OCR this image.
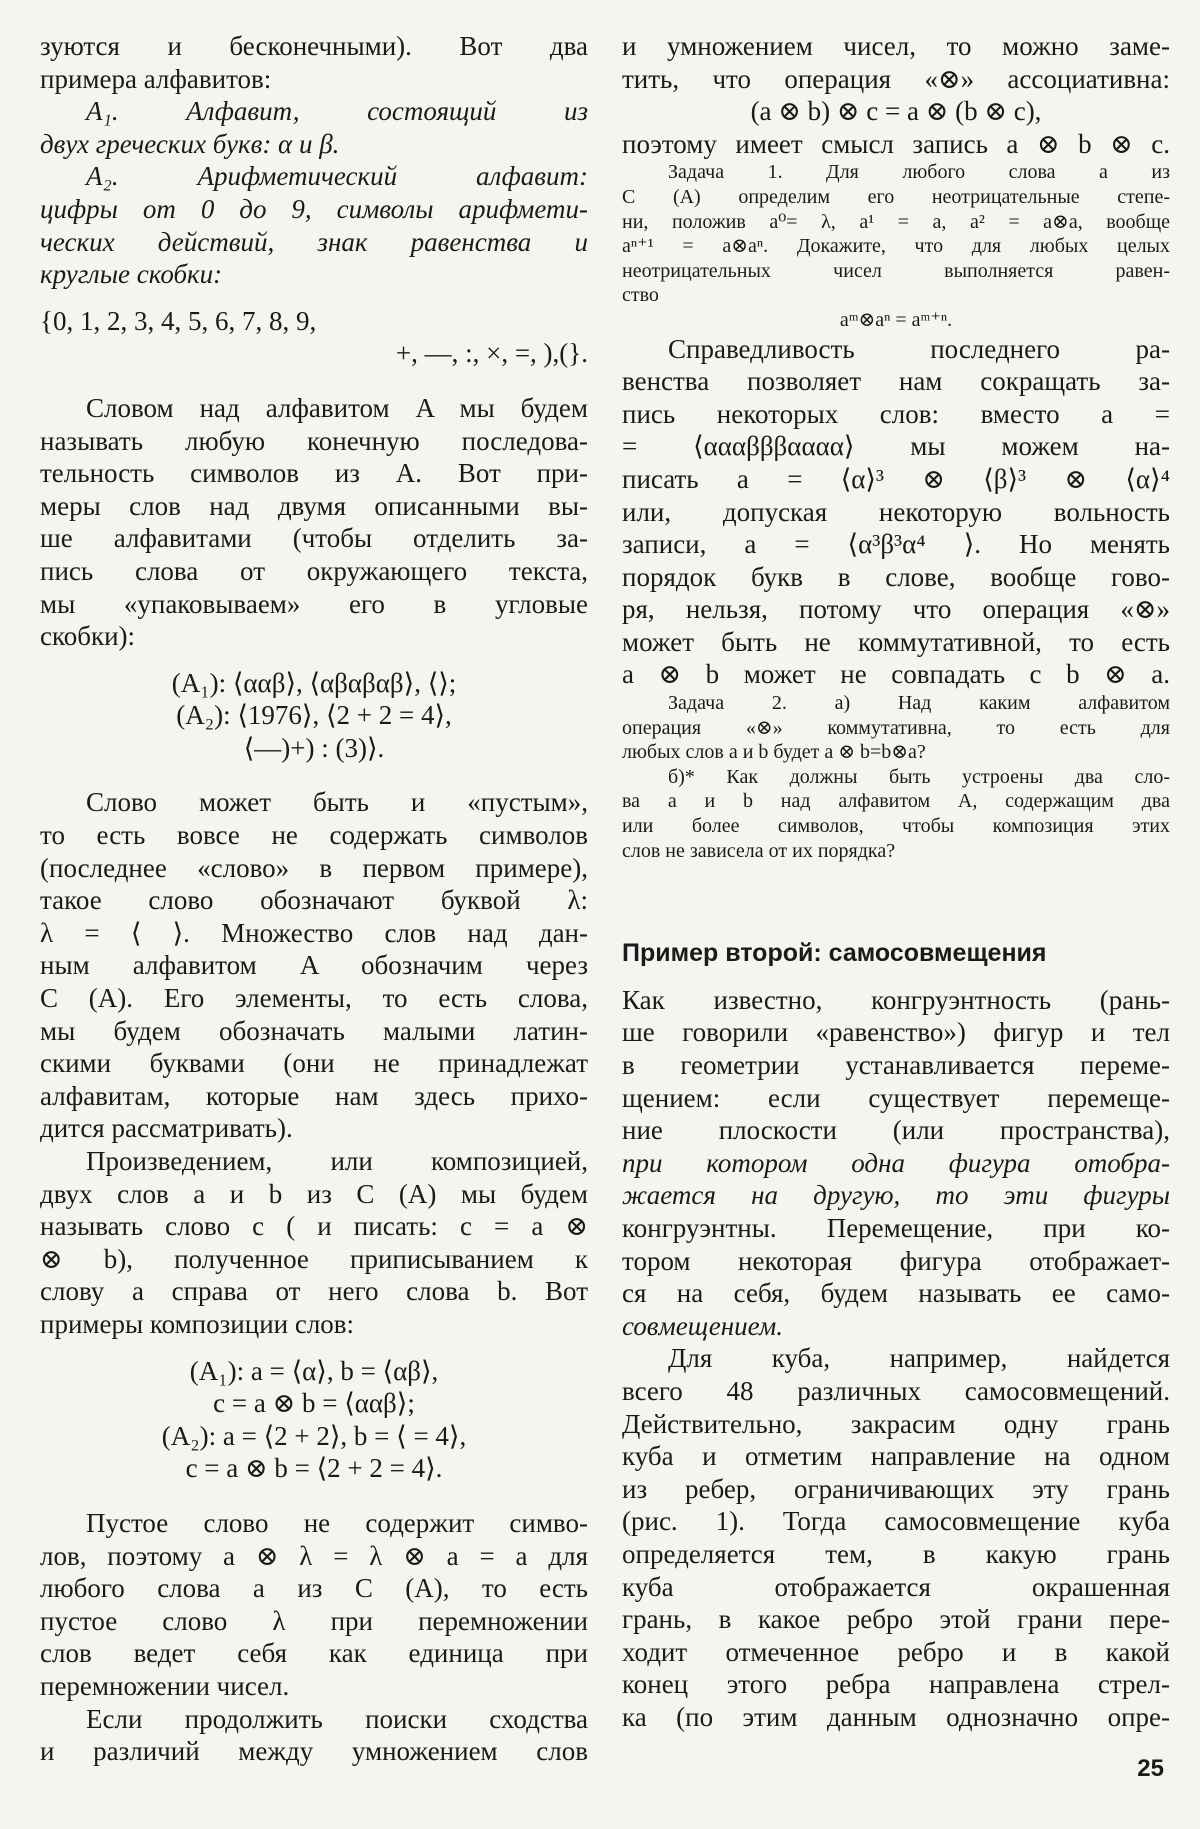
зуются и бесконечными). Вот два
примера алфавитов:
A₁. Алфавит, состоящий из
двух греческих букв: α и β.
A₂. Арифметический алфавит:
цифры от 0 до 9, символы арифмети-
ческих действий, знак равенства и
круглые скобки:
{0, 1, 2, 3, 4, 5, 6, 7, 8, 9,
+, —, :, ×, =, ),(}.
Словом над алфавитом A мы будем
называть любую конечную последова-
тельность символов из A. Вот при-
меры слов над двумя описанными вы-
ше алфавитами (чтобы отделить за-
пись слова от окружающего текста,
мы «упаковываем» его в угловые
скобки):
(A₁): ⟨ααβ⟩, ⟨αβαβαβ⟩, ⟨⟩;
(A₂): ⟨1976⟩, ⟨2 + 2 = 4⟩,
⟨—)+) : (3)⟩.
Слово может быть и «пустым»,
то есть вовсе не содержать символов
(последнее «слово» в первом примере),
такое слово обозначают буквой λ:
λ = ⟨ ⟩. Множество слов над дан-
ным алфавитом A обозначим через
C (A). Его элементы, то есть слова,
мы будем обозначать малыми латин-
скими буквами (они не принадлежат
алфавитам, которые нам здесь прихо-
дится рассматривать).
Произведением, или композицией,
двух слов a и b из C (A) мы будем
называть слово c ( и писать: c = a ⊗
⊗ b), полученное приписыванием к
слову a справа от него слова b. Вот
примеры композиции слов:
(A₁): a = ⟨α⟩, b = ⟨αβ⟩,
c = a ⊗ b = ⟨ααβ⟩;
(A₂): a = ⟨2 + 2⟩, b = ⟨ = 4⟩,
c = a ⊗ b = ⟨2 + 2 = 4⟩.
Пустое слово не содержит симво-
лов, поэтому a ⊗ λ = λ ⊗ a = a для
любого слова a из C (A), то есть
пустое слово λ при перемножении
слов ведет себя как единица при
перемножении чисел.
Если продолжить поиски сходства
и различий между умножением слов
и умножением чисел, то можно заме-
тить, что операция «⊗» ассоциативна:
(a ⊗ b) ⊗ c = a ⊗ (b ⊗ c),
поэтому имеет смысл запись a ⊗ b ⊗ c.
Задача 1. Для любого слова a из
C (A) определим его неотрицательные степе-
ни, положив a⁰= λ, a¹ = a, a² = a⊗a, вообще
aⁿ⁺¹ = a⊗aⁿ. Докажите, что для любых целых
неотрицательных чисел выполняется равен-
ство
aᵐ⊗aⁿ = aᵐ⁺ⁿ.
Справедливость последнего ра-
венства позволяет нам сокращать за-
пись некоторых слов: вместо a =
= ⟨αααβββαααα⟩ мы можем на-
писать a = ⟨α⟩³ ⊗ ⟨β⟩³ ⊗ ⟨α⟩⁴
или, допуская некоторую вольность
записи, a = ⟨α³β³α⁴ ⟩. Но менять
порядок букв в слове, вообще гово-
ря, нельзя, потому что операция «⊗»
может быть не коммутативной, то есть
a ⊗ b может не совпадать с b ⊗ a.
Задача 2. а) Над каким алфавитом
операция «⊗» коммутативна, то есть для
любых слов a и b будет a ⊗ b=b⊗a?
б)* Как должны быть устроены два сло-
ва a и b над алфавитом A, содержащим два
или более символов, чтобы композиция этих
слов не зависела от их порядка?
Пример второй: самосовмещения
Как известно, конгруэнтность (рань-
ше говорили «равенство») фигур и тел
в геометрии устанавливается переме-
щением: если существует перемеще-
ние плоскости (или пространства),
при котором одна фигура отобра-
жается на другую, то эти фигуры
конгруэнтны. Перемещение, при ко-
тором некоторая фигура отображает-
ся на себя, будем называть ее само-
совмещением.
Для куба, например, найдется
всего 48 различных самосовмещений.
Действительно, закрасим одну грань
куба и отметим направление на одном
из ребер, ограничивающих эту грань
(рис. 1). Тогда самосовмещение куба
определяется тем, в какую грань
куба отображается окрашенная
грань, в какое ребро этой грани пере-
ходит отмеченное ребро и в какой
конец этого ребра направлена стрел-
ка (по этим данным однозначно опре-
25
